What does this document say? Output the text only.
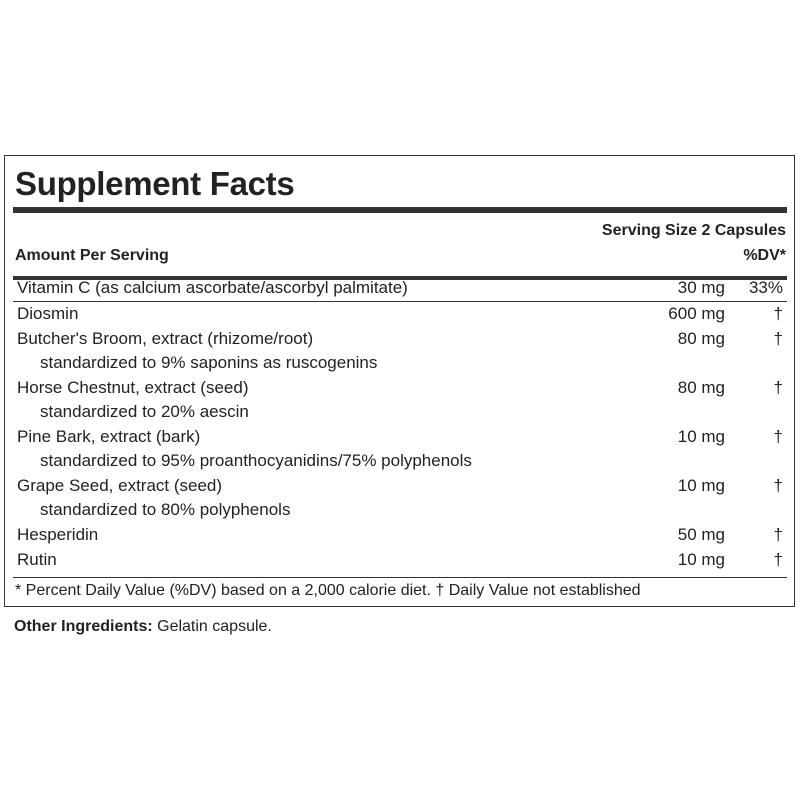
Supplement Facts
Serving Size 2 Capsules
Amount Per Serving	%DV*
Vitamin C (as calcium ascorbate/ascorbyl palmitate)	30 mg 33%
Diosmin	600 mg	†
Butcher's Broom, extract (rhizome/root)	80 mg	†
standardized to 9% saponins as ruscogenins
Horse Chestnut, extract (seed)	80 mg	†
standardized to 20% aescin
Pine Bark, extract (bark)	10 mg	†
standardized to 95% proanthocyanidins/75% polyphenols
Grape Seed, extract (seed)	10 mg	†
standardized to 80% polyphenols
Hesperidin	50 mg	†
Rutin	10 mg	†
* Percent Daily Value (%DV) based on a 2,000 calorie diet. † Daily Value not established
Other Ingredients: Gelatin capsule.
